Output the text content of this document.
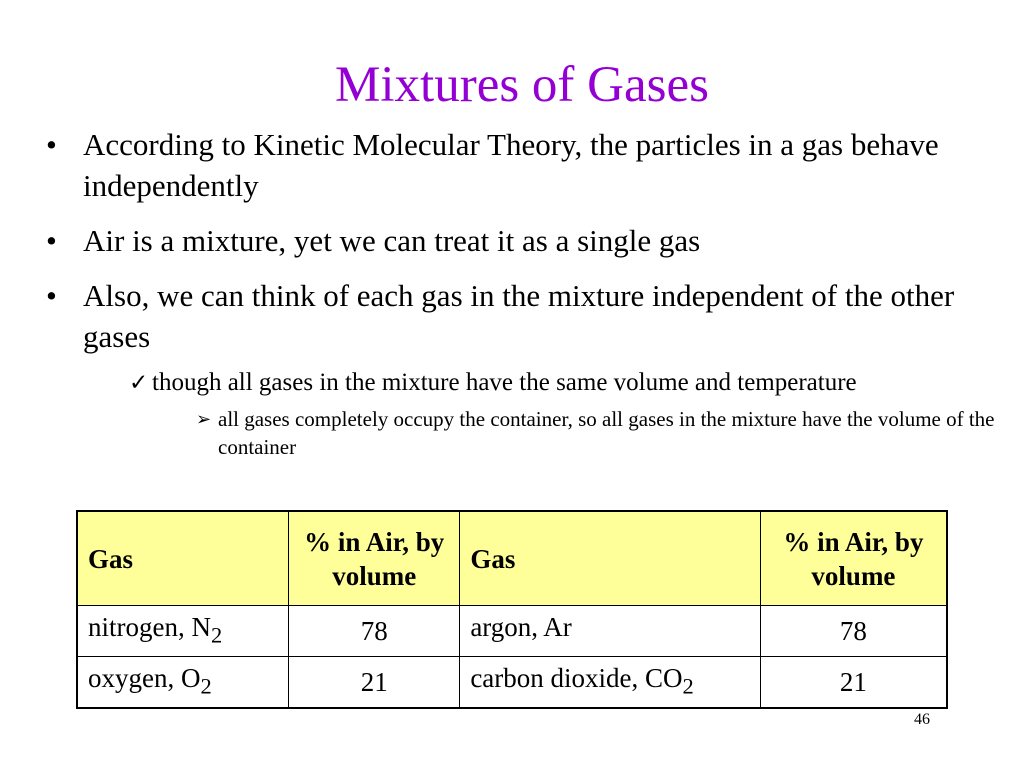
Mixtures of Gases
• According to Kinetic Molecular Theory, the particles in a gas behave independently
• Air is a mixture, yet we can treat it as a single gas
• Also, we can think of each gas in the mixture independent of the other gases
✓ though all gases in the mixture have the same volume and temperature
➢ all gases completely occupy the container, so all gases in the mixture have the volume of the container
Gas	% in Air, by volume	Gas	% in Air, by volume
nitrogen, $N_2$	78	argon, Ar	78
oxygen, $O_2$	21	carbon dioxide, $CO_2$	21
46
